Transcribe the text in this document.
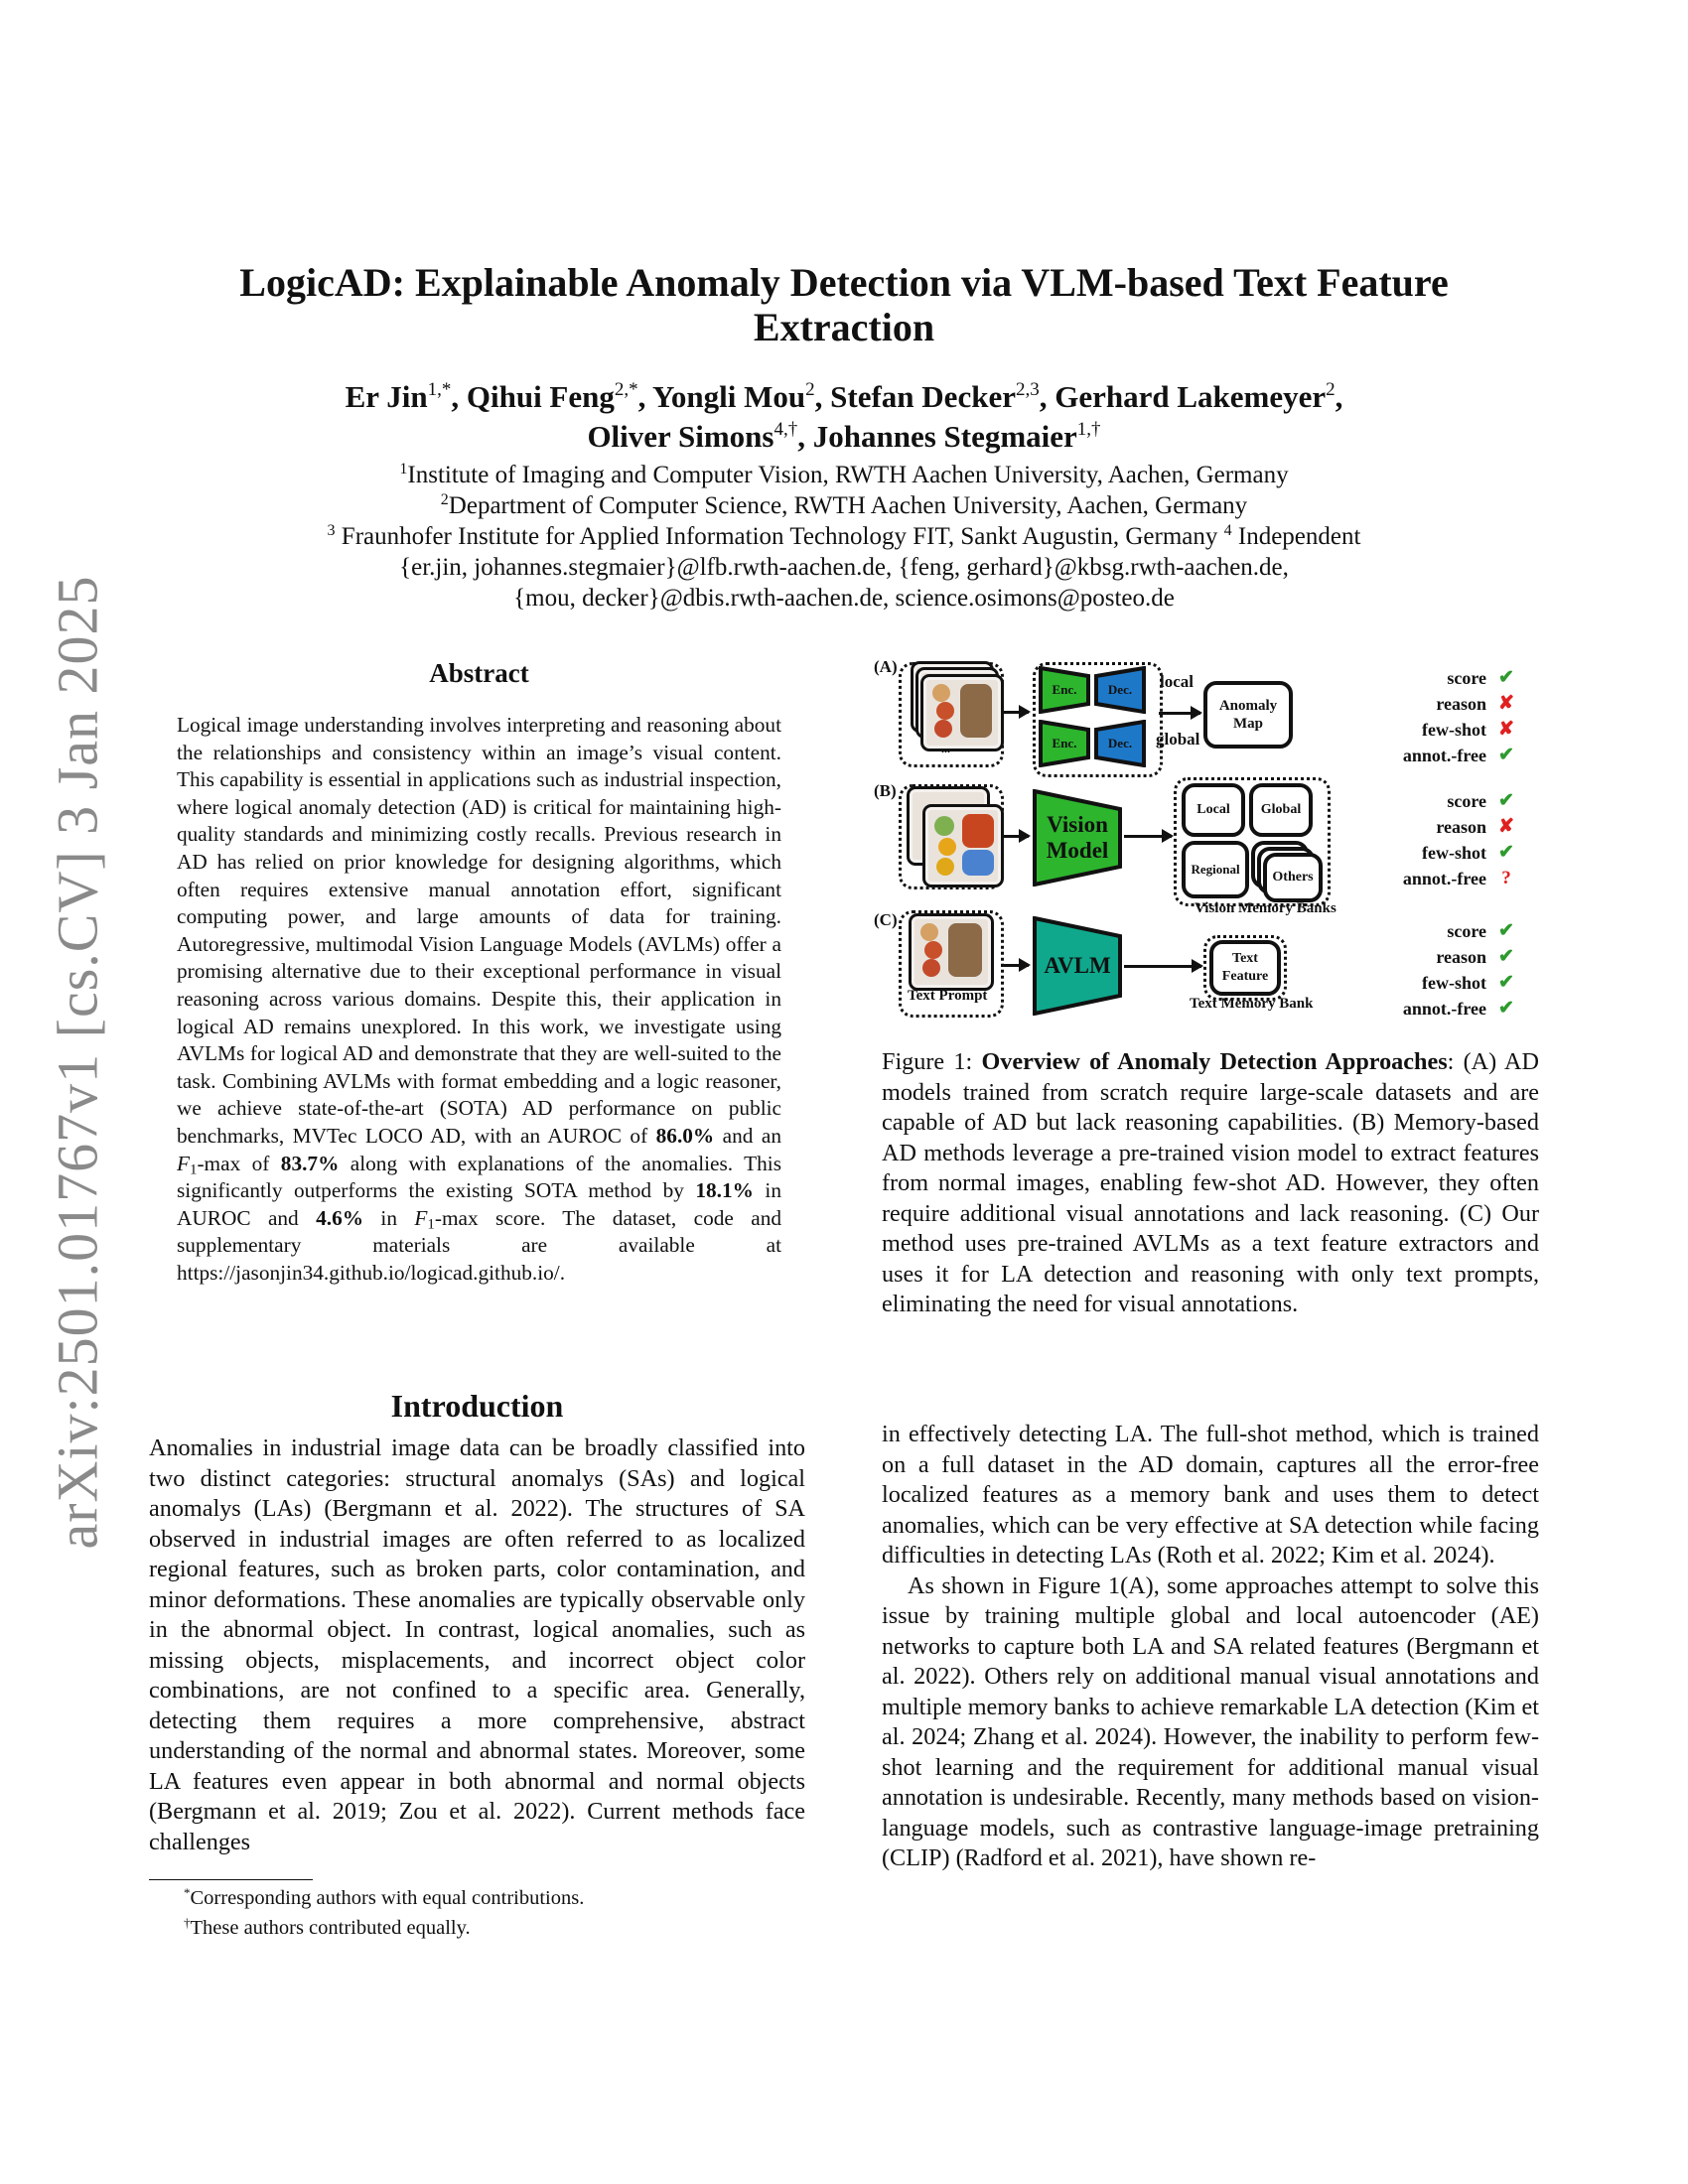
arXiv:2501.01767v1 [cs.CV] 3 Jan 2025
LogicAD: Explainable Anomaly Detection via VLM-based Text Feature Extraction
Er Jin$^{1,*}$, Qihui Feng$^{2,*}$, Yongli Mou$^2$, Stefan Decker$^{2,3}$, Gerhard Lakemeyer$^2$,
Oliver Simons$^{4,\dagger}$, Johannes Stegmaier$^{1,\dagger}$
$^1$Institute of Imaging and Computer Vision, RWTH Aachen University, Aachen, Germany
$^2$Department of Computer Science, RWTH Aachen University, Aachen, Germany
$^3$ Fraunhofer Institute for Applied Information Technology FIT, Sankt Augustin, Germany $^4$ Independent
{er.jin, johannes.stegmaier}@lfb.rwth-aachen.de, {feng, gerhard}@kbsg.rwth-aachen.de,
{mou, decker}@dbis.rwth-aachen.de, science.osimons@posteo.de
Abstract

Logical image understanding involves interpreting and reasoning about the relationships and consistency within an image’s visual content. This capability is essential in applications such as industrial inspection, where logical anomaly detection (AD) is critical for maintaining high-quality standards and minimizing costly recalls. Previous research in AD has relied on prior knowledge for designing algorithms, which often requires extensive manual annotation effort, significant computing power, and large amounts of data for training. Autoregressive, multimodal Vision Language Models (AVLMs) offer a promising alternative due to their exceptional performance in visual reasoning across various domains. Despite this, their application in logical AD remains unexplored. In this work, we investigate using AVLMs for logical AD and demonstrate that they are well-suited to the task. Combining AVLMs with format embedding and a logic reasoner, we achieve state-of-the-art (SOTA) AD performance on public benchmarks, MVTec LOCO AD, with an AUROC of 86.0% and an $F_1-\max$ of 83.7% along with explanations of the anomalies. This significantly outperforms the existing SOTA method by 18.1% in AUROC and 4.6% in $F_1-\max$ score. The dataset, code and supplementary materials are available at https://jasonjin34.github.io/logicad.github.io/.

Introduction

Anomalies in industrial image data can be broadly classified into two distinct categories: structural anomalys (SAs) and logical anomalys (LAs) (Bergmann et al. 2022). The structures of SA observed in industrial images are often referred to as localized regional features, such as broken parts, color contamination, and minor deformations. These anomalies are typically observable only in the abnormal object. In contrast, logical anomalies, such as missing objects, misplacements, and incorrect object color combinations, are not confined to a specific area. Generally, detecting them requires a more comprehensive, abstract understanding of the normal and abnormal states. Moreover, some LA features even appear in both abnormal and normal objects (Bergmann et al. 2019; Zou et al. 2022). Current methods face challenges

in effectively detecting LA. The full-shot method, which is trained on a full dataset in the AD domain, captures all the error-free localized features as a memory bank and uses them to detect anomalies, which can be very effective at SA detection while facing difficulties in detecting LAs (Roth et al. 2022; Kim et al. 2024).

As shown in Figure 1(A), some approaches attempt to solve this issue by training multiple global and local autoencoder (AE) networks to capture both LA and SA related features (Bergmann et al. 2022). Others rely on additional manual visual annotations and multiple memory banks to achieve remarkable LA detection (Kim et al. 2024; Zhang et al. 2024). However, the inability to perform few-shot learning and the requirement for additional manual visual annotation is undesirable. Recently, many methods based on vision-language models, such as contrastive language-image pretraining (CLIP) (Radford et al. 2021), have shown re-

*Corresponding authors with equal contributions.
†These authors contributed equally.
(A)
...
Enc.	Dec.
Enc.	Dec.
local
global
Anomaly Map
score ✔
reason ✘
few-shot ✘
annot.-free ✔
(B)
Vision Model
Local	Global
Regional
Others
Vision Memory Banks
score ✔
reason ✘
few-shot ✔
annot.-free ?
(C)
Text Prompt
AVLM	Text Feature
Text Memory Bank
score ✔
reason ✔
few-shot ✔
annot.-free ✔
Figure 1: Overview of Anomaly Detection Approaches: (A) AD models trained from scratch require large-scale datasets and are capable of AD but lack reasoning capabilities. (B) Memory-based AD methods leverage a pre-trained vision model to extract features from normal images, enabling few-shot AD. However, they often require additional visual annotations and lack reasoning. (C) Our method uses pre-trained AVLMs as a text feature extractors and uses it for LA detection and reasoning with only text prompts, eliminating the need for visual annotations.
